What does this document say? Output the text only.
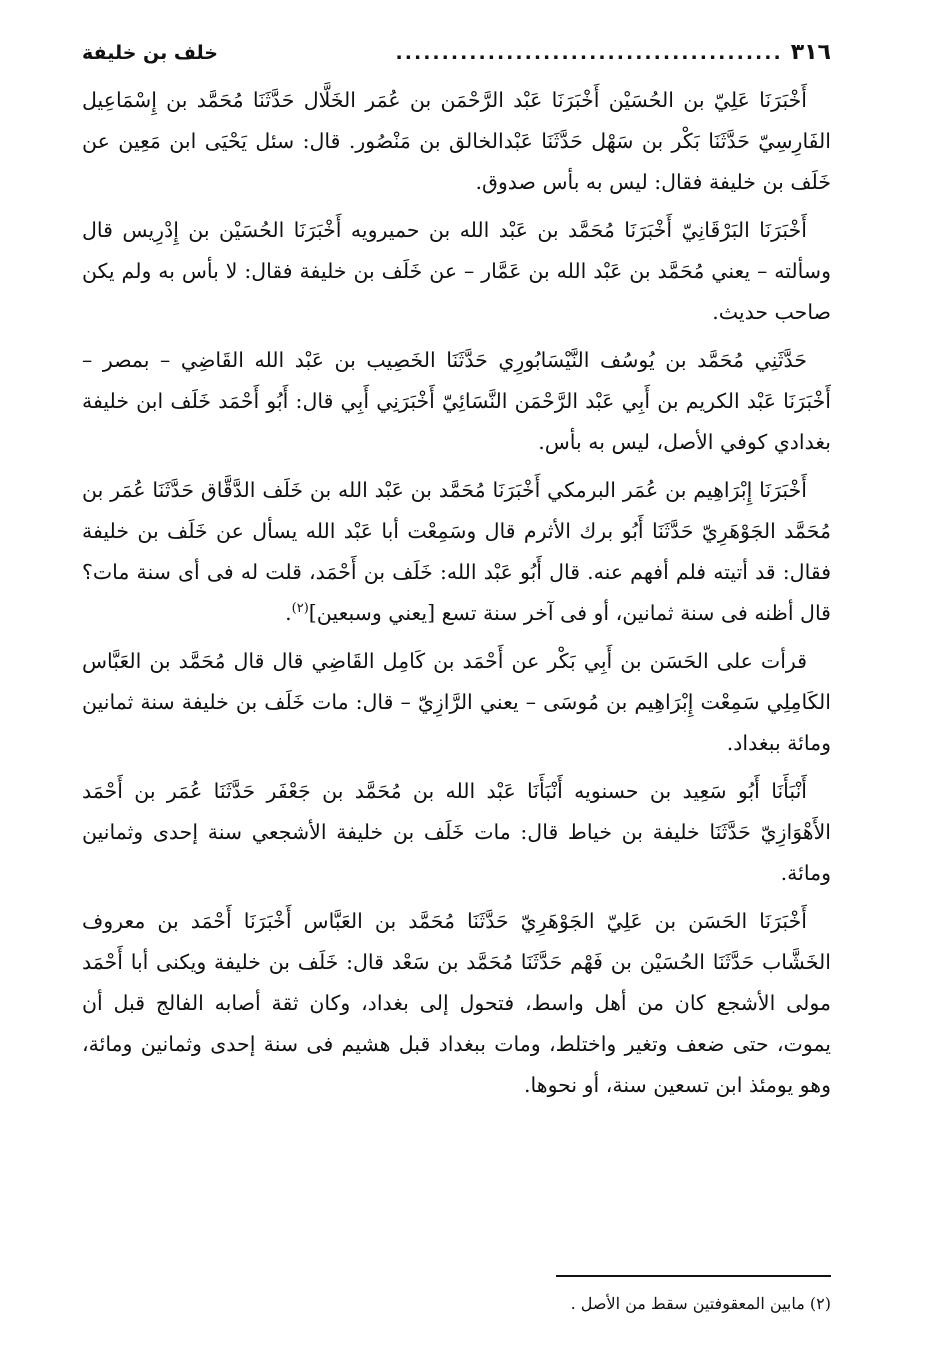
٣١٦
..........................................
خلف بن خليفة

أَخْبَرَنَا عَلِيّ بن الحُسَيْن أَخْبَرَنَا عَبْد الرَّحْمَن بن عُمَر الخَلَّال حَدَّثَنَا مُحَمَّد بن إِسْمَاعِيل الفَارِسِيّ حَدَّثَنَا بَكْر بن سَهْل حَدَّثَنَا عَبْدالخالق بن مَنْصُور. قال: سئل يَحْيَى ابن مَعِين عن خَلَف بن خليفة فقال: ليس به بأس صدوق.

أَخْبَرَنَا البَرْقَانِيّ أَخْبَرَنَا مُحَمَّد بن عَبْد الله بن حميرويه أَخْبَرَنَا الحُسَيْن بن إِدْرِيس قال وسألته – يعني مُحَمَّد بن عَبْد الله بن عَمَّار – عن خَلَف بن خليفة فقال: لا بأس به ولم يكن صاحب حديث.

حَدَّثَنِي مُحَمَّد بن يُوسُف النَّيْسَابُورِي حَدَّثَنَا الخَصِيب بن عَبْد الله القَاضِي – بمصر – أَخْبَرَنَا عَبْد الكريم بن أَبِي عَبْد الرَّحْمَن النَّسَائِيّ أَخْبَرَنِي أَبِي قال: أَبُو أَحْمَد خَلَف ابن خليفة بغدادي كوفي الأصل، ليس به بأس.

أَخْبَرَنَا إِبْرَاهِيم بن عُمَر البرمكي أَخْبَرَنَا مُحَمَّد بن عَبْد الله بن خَلَف الدَّقَّاق حَدَّثَنَا عُمَر بن مُحَمَّد الجَوْهَرِيّ حَدَّثَنَا أَبُو برك الأثرم قال وسَمِعْت أبا عَبْد الله يسأل عن خَلَف بن خليفة فقال: قد أتيته فلم أفهم عنه. قال أَبُو عَبْد الله: خَلَف بن أَحْمَد، قلت له فى أى سنة مات؟ قال أظنه فى سنة ثمانين، أو فى آخر سنة تسع [يعني وسبعين]$^{(٢)}$.

قرأت على الحَسَن بن أَبِي بَكْر عن أَحْمَد بن كَامِل القَاضِي قال قال مُحَمَّد بن العَبَّاس الكَامِلِي سَمِعْت إِبْرَاهِيم بن مُوسَى – يعني الرَّازِيّ – قال: مات خَلَف بن خليفة سنة ثمانين ومائة ببغداد.

أَنْبَأَنَا أَبُو سَعِيد بن حسنويه أَنْبَأَنَا عَبْد الله بن مُحَمَّد بن جَعْفَر حَدَّثَنَا عُمَر بن أَحْمَد الأَهْوَازِيّ حَدَّثَنَا خليفة بن خياط قال: مات خَلَف بن خليفة الأشجعي سنة إحدى وثمانين ومائة.

أَخْبَرَنَا الحَسَن بن عَلِيّ الجَوْهَرِيّ حَدَّثَنَا مُحَمَّد بن العَبَّاس أَخْبَرَنَا أَحْمَد بن معروف الخَشَّاب حَدَّثَنَا الحُسَيْن بن فَهْم حَدَّثَنَا مُحَمَّد بن سَعْد قال: خَلَف بن خليفة ويكنى أبا أَحْمَد مولى الأشجع كان من أهل واسط، فتحول إلى بغداد، وكان ثقة أصابه الفالج قبل أن يموت، حتى ضعف وتغير واختلط، ومات ببغداد قبل هشيم فى سنة إحدى وثمانين ومائة، وهو يومئذ ابن تسعين سنة، أو نحوها.

(٢) مابين المعقوفتين سقط من الأصل .
